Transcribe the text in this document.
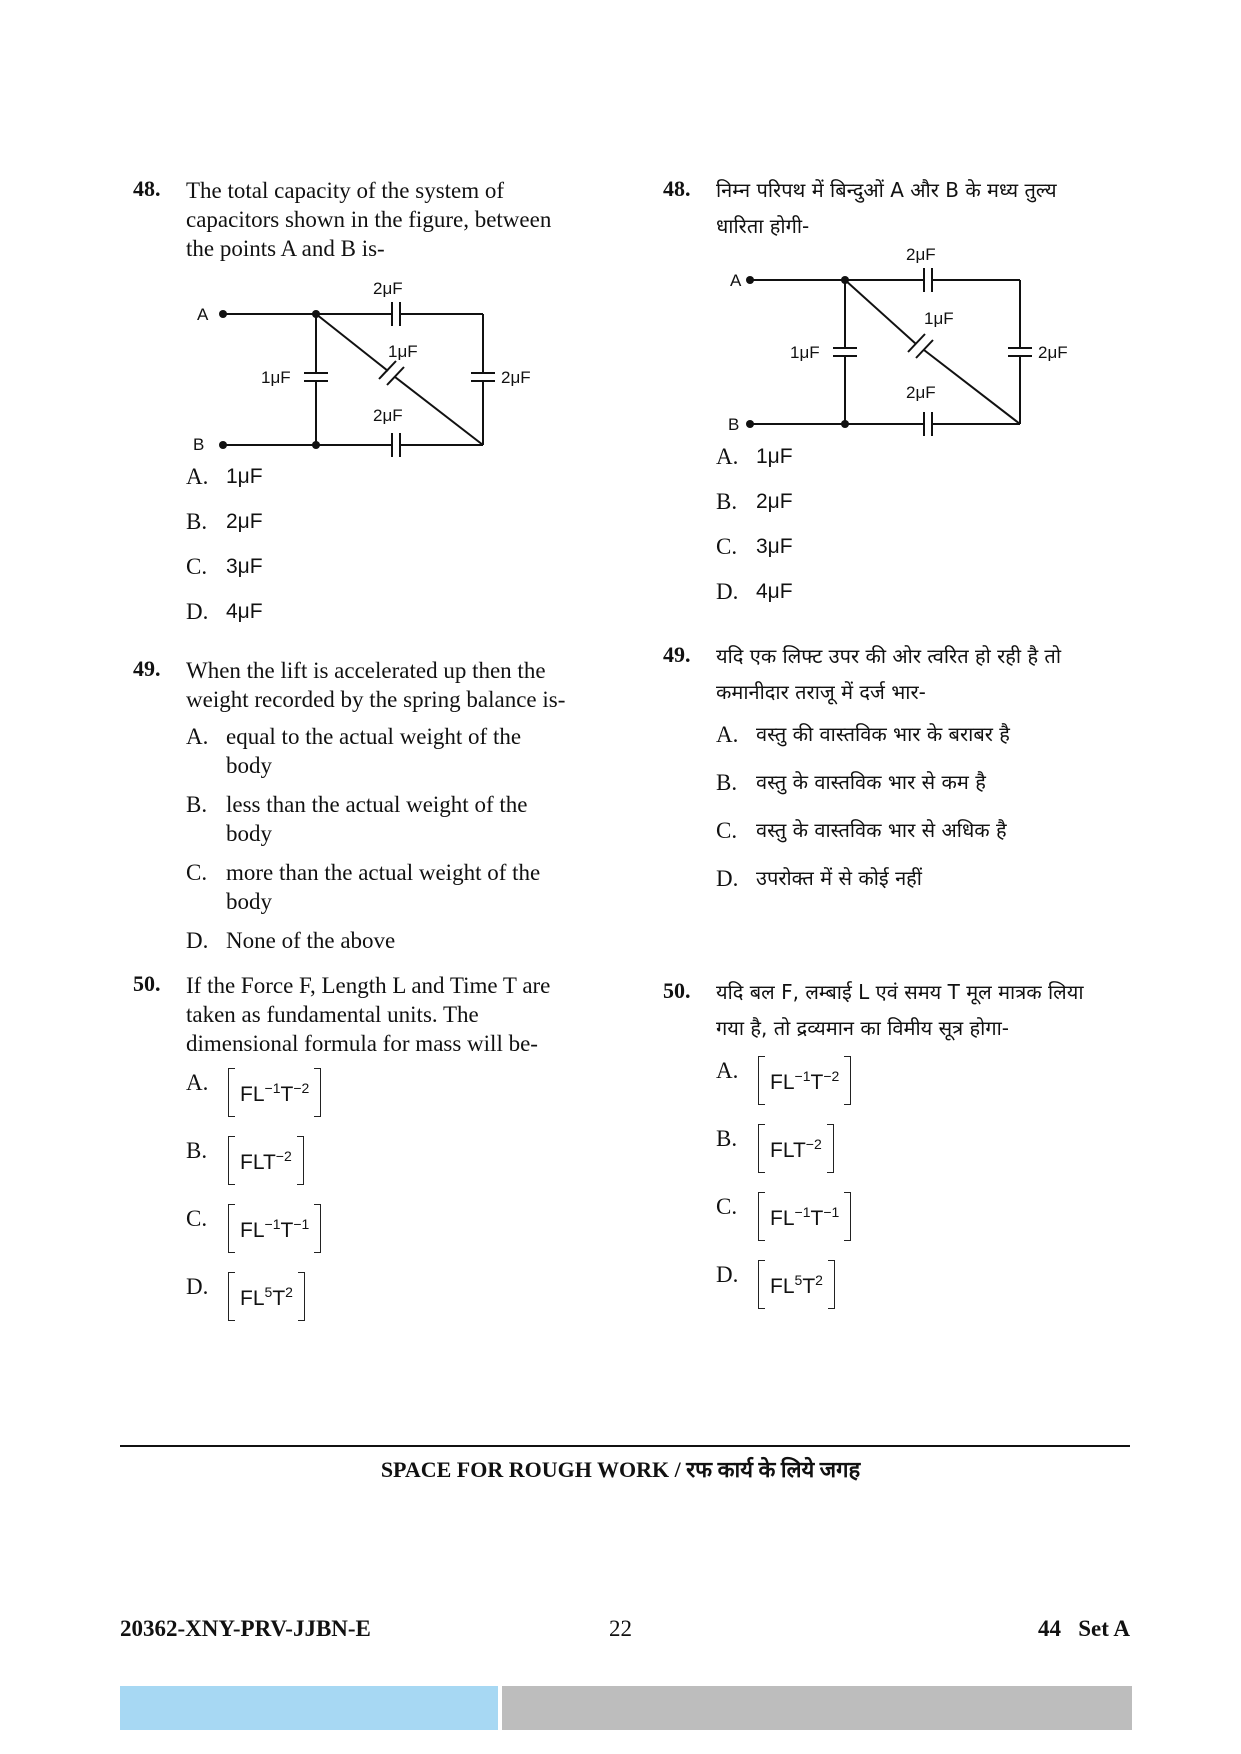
48. The total capacity of the system of capacitors shown in the figure, between the points A and B is-
A
B
2μF
1μF
1μF
2μF
2μF
A. 1μF
B. 2μF
C. 3μF
D. 4μF
49. When the lift is accelerated up then the weight recorded by the spring balance is-
A. equal to the actual weight of the body
B. less than the actual weight of the body
C. more than the actual weight of the body
D. None of the above
50. If the Force F, Length L and Time T are taken as fundamental units. The dimensional formula for mass will be-
A. $FL^{-1}T^{-2}$
B. $FLT^{-2}$
C. $FL^{-1}T^{-1}$
D. $FL^5T^2$
48. निम्न परिपथ में बिन्दुओं A और B के मध्य तुल्य धारिता होगी-
A
B
2μF
1μF
1μF
2μF
2μF
A. 1μF
B. 2μF
C. 3μF
D. 4μF
49. यदि एक लिफ्ट उपर की ओर त्वरित हो रही है तो कमानीदार तराजू में दर्ज भार-
A. वस्तु की वास्तविक भार के बराबर है
B. वस्तु के वास्तविक भार से कम है
C. वस्तु के वास्तविक भार से अधिक है
D. उपरोक्त में से कोई नहीं
50. यदि बल F, लम्बाई L एवं समय T मूल मात्रक लिया गया है, तो द्रव्यमान का विमीय सूत्र होगा-
A. $FL^{-1}T^{-2}$
B. $FLT^{-2}$
C. $FL^{-1}T^{-1}$
D. $FL^5T^2$
SPACE FOR ROUGH WORK / रफ कार्य के लिये जगह
20362-XNY-PRV-JJBN-E	22	44   Set A
